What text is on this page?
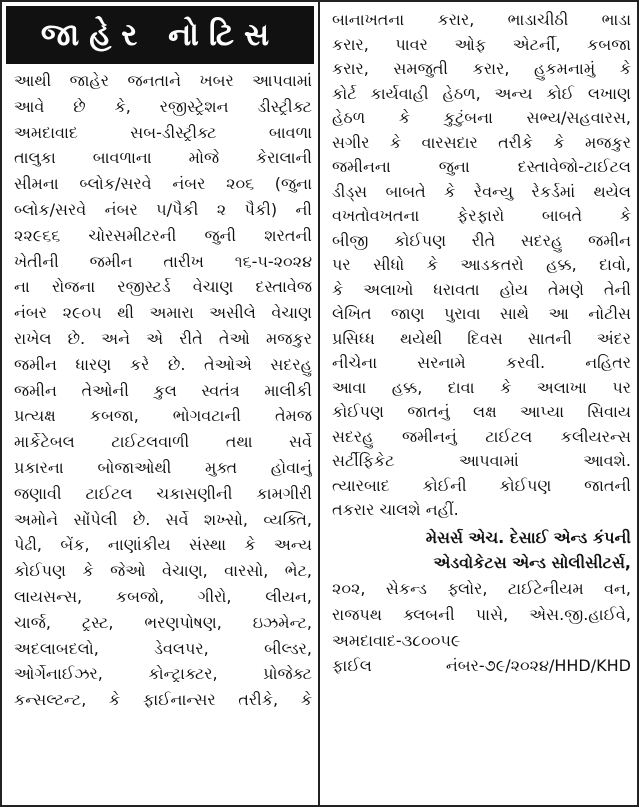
જાહેર નોટિસ
આથી જાહેર જનતાને ખબર આપવામાં
આવે છે કે, રજીસ્ટ્રેશન ડીસ્ટ્રીક્ટ
અમદાવાદ સબ-ડીસ્ટ્રીક્ટ બાવળા
તાલુકા બાવળાના મોજે કેરાલાની
સીમના બ્લોક/સરવે નંબર ૨૦૬ (જુના
બ્લોક/સરવે નંબર ૫/પૈકી ૨ પૈકી) ની
૨૨૯૬૬ ચોરસમીટરની જુની શરતની
ખેતીની જમીન તારીખ ૧૬-૫-૨૦૨૪
ના રોજના રજીસ્ટર્ડ વેચાણ દસ્તાવેજ
નંબર ૨૯૦૫ થી અમારા અસીલે વેચાણ
રાખેલ છે. અને એ રીતે તેઓ મજકુર
જમીન ધારણ કરે છે. તેઓએ સદરહુ
જમીન તેઓની કુલ સ્વતંત્ર માલીકી
પ્રત્યક્ષ કબજા, ભોગવટાની તેમજ
માર્કેટેબલ ટાઈટલવાળી તથા સર્વે
પ્રકારના બોજાઓથી મુક્ત હોવાનું
જણાવી ટાઈટલ ચકાસણીની કામગીરી
અમોને સોંપેલી છે. સર્વે શખ્સો, વ્યક્તિ,
પેઢી, બેંક, નાણાંકીય સંસ્થા કે અન્ય
કોઈપણ કે જેઓ વેચાણ, વારસો, ભેટ,
લાયસન્સ, કબજો, ગીરો, લીયન,
ચાર્જ, ટ્રસ્ટ, ભરણપોષણ, ઇઝમેન્ટ,
અદલાબદલો, ડેવલપર, બીલ્ડર,
ઓર્ગેનાઈઝર, કોન્ટ્રાક્ટર, પ્રોજેક્ટ
કન્સલ્ટન્ટ, કે ફાઈનાન્સર તરીકે, કે
બાનાખતના કરાર, ભાડાચીઠી ભાડા
કરાર, પાવર ઓફ એટર્ની, કબજા
કરાર, સમજુતી કરાર, હુકમનામું કે
કોર્ટ કાર્યવાહી હેઠળ, અન્ય કોઈ લખાણ
હેઠળ કે કુટુંબના સભ્ય/સહવારસ,
સગીર કે વારસદાર તરીકે કે મજકુર
જમીનના જુના દસ્તાવેજો-ટાઈટલ
ડીડ્સ બાબતે કે રેવન્યુ રેકર્ડમાં થયેલ
વખતોવખતના ફેરફારો બાબતે કે
બીજી કોઈપણ રીતે સદરહુ જમીન
પર સીધો કે આડકતરો હક્ક, દાવો,
કે અલાખો ધરાવતા હોય તેમણે તેની
લેખિત જાણ પુરાવા સાથે આ નોટીસ
પ્રસિધ્ધ થયેથી દિવસ સાતની અંદર
નીચેના સરનામે કરવી. નહિતર
આવા હક્ક, દાવા કે અલાખા પર
કોઈપણ જાતનું લક્ષ આપ્યા સિવાય
સદરહુ જમીનનું ટાઈટલ કલીયરન્સ
સર્ટીફિકેટ આપવામાં આવશે.
ત્યારબાદ કોઈની કોઈપણ જાતની
તકરાર ચાલશે નહીં.
મેસર્સ એચ. દેસાઈ એન્ડ કંપની
એડવોકેટસ એન્ડ સોલીસીટર્સ,
૨૦૨, સેકન્ડ ફ્લોર, ટાઈટેનીયમ વન,
રાજપથ ક્લબની પાસે, એસ.જી.હાઈવે,
અમદાવાદ-૩૮૦૦૫૯
ફાઈલ નંબર-૭૯/૨૦૨૪/HHD/KHD
